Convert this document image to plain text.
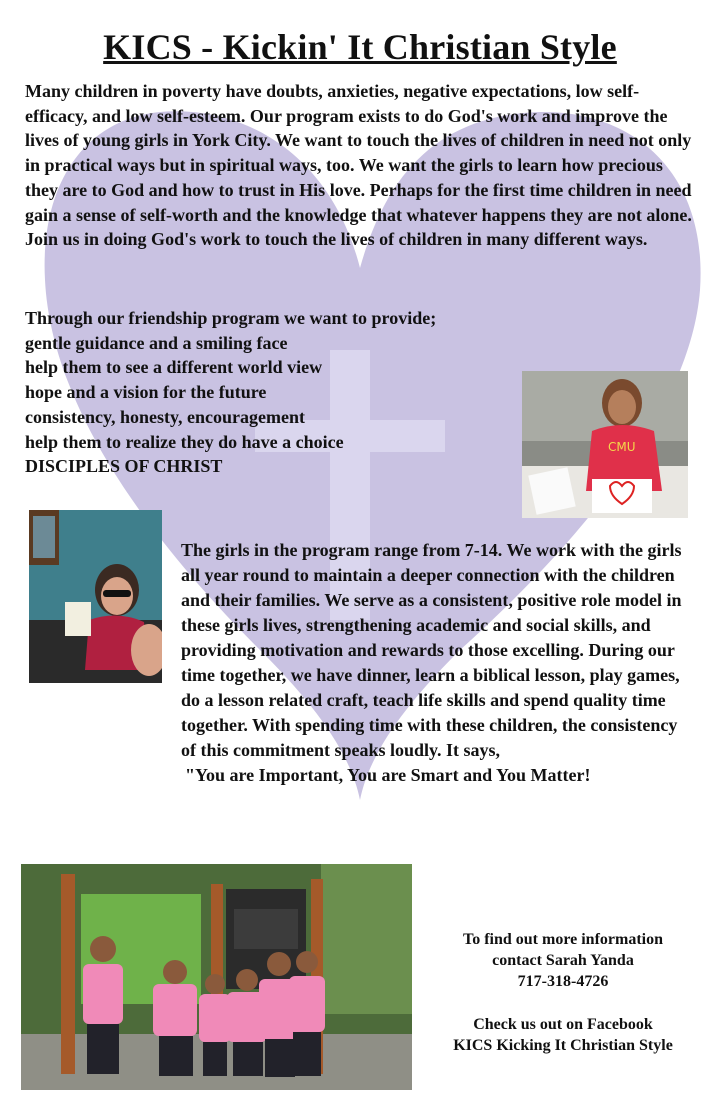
KICS - Kickin' It Christian Style

Many children in poverty have doubts, anxieties, negative expectations, low self-efficacy, and low self-esteem. Our program exists to do God's work and improve the lives of young girls in York City. We want to touch the lives of children in need not only in practical ways but in spiritual ways, too. We want the girls to learn how precious they are to God and how to trust in His love. Perhaps for the first time children in need gain a sense of self-worth and the knowledge that whatever happens they are not alone. Join us in doing God's work to touch the lives of children in many different ways.

Through our friendship program we want to provide;
gentle guidance and a smiling face
help them to see a different world view
hope and a vision for the future
consistency, honesty, encouragement
help them to realize they do have a choice
DISCIPLES OF CHRIST
CMU

The girls in the program range from 7-14. We work with the girls all year round to maintain a deeper connection with the children and their families. We serve as a consistent, positive role model in these girls lives, strengthening academic and social skills, and providing motivation and rewards to those excelling. During our time together, we have dinner, learn a biblical lesson, play games, do a lesson related craft, teach life skills and spend quality time together. With spending time with these children, the consistency of this commitment speaks loudly. It says,
"You are Important, You are Smart and You Matter!

To find out more information
contact Sarah Yanda
717-318-4726
Check us out on Facebook
KICS Kicking It Christian Style
